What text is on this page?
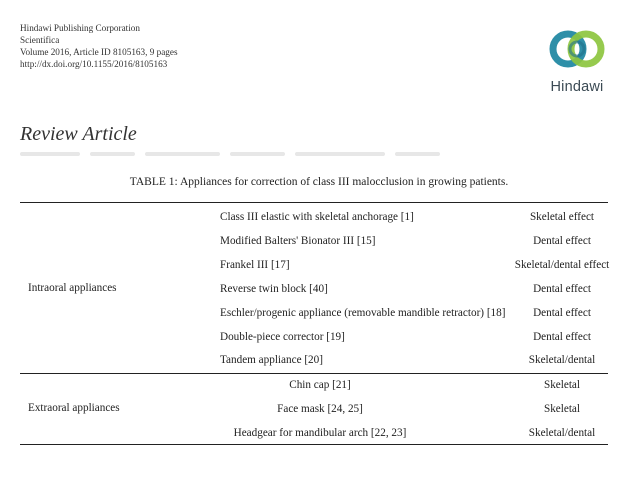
Hindawi Publishing Corporation
Scientifica
Volume 2016, Article ID 8105163, 9 pages
http://dx.doi.org/10.1155/2016/8105163
Hindawi
Review Article
TABLE 1: Appliances for correction of class III malocclusion in growing patients.
Intraoral appliances
Class III elastic with skeletal anchorage [1]	Skeletal effect
Modified Balters' Bionator III [15]	Dental effect
Frankel III [17]	Skeletal/dental effect
Reverse twin block [40]	Dental effect
Eschler/progenic appliance (removable mandible retractor) [18]	Dental effect
Double-piece corrector [19]	Dental effect
Tandem appliance [20]	Skeletal/dental
Extraoral appliances
Chin cap [21]	Skeletal
Face mask [24, 25]	Skeletal
Headgear for mandibular arch [22, 23]	Skeletal/dental
